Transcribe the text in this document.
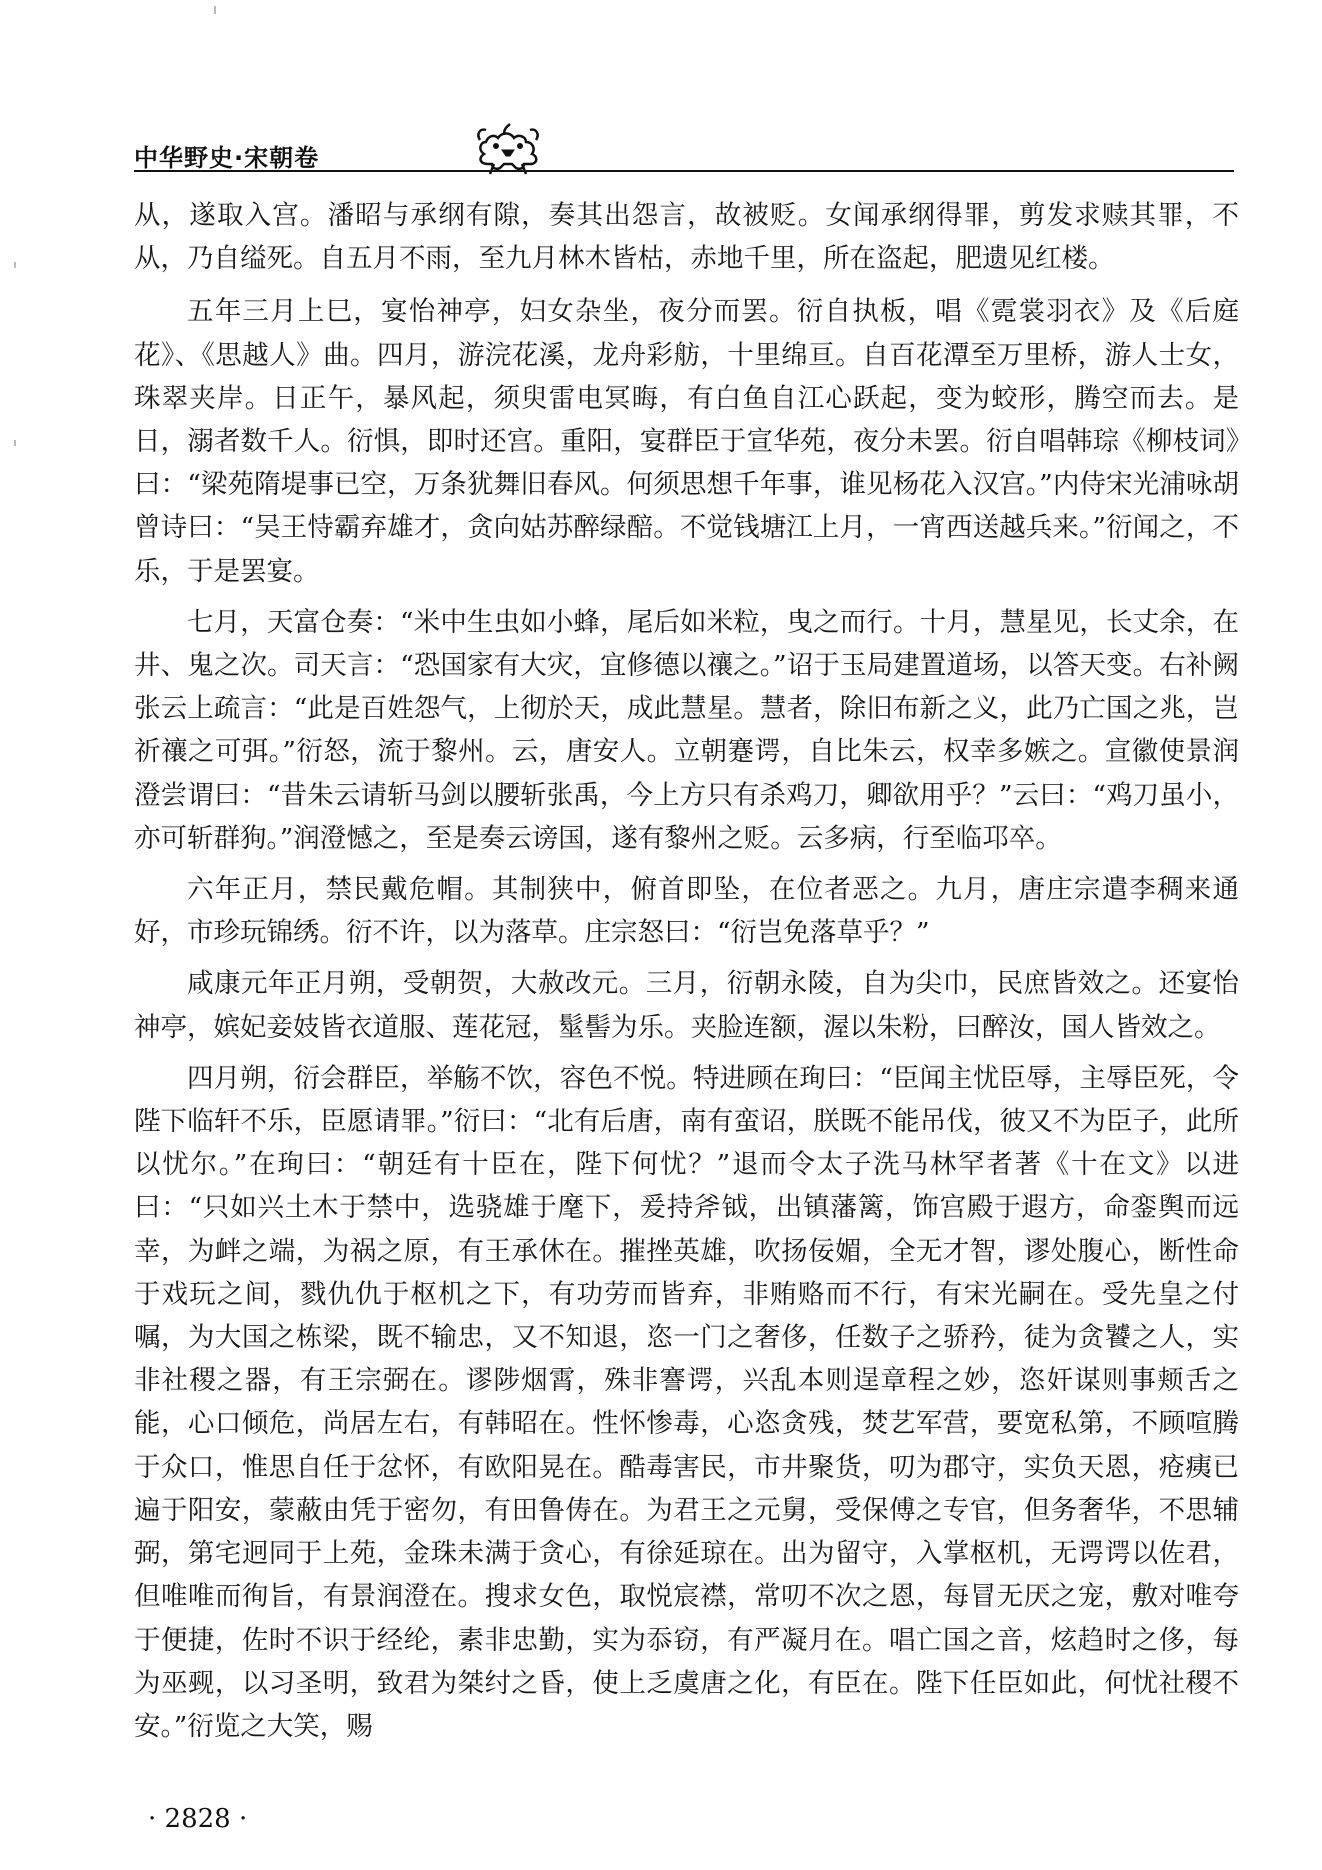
中华野史·宋朝卷

从，遂取入宫。潘昭与承纲有隙，奏其出怨言，故被贬。女闻承纲得罪，剪发求赎其罪，不从，乃自缢死。自五月不雨，至九月林木皆枯，赤地千里，所在盗起，肥遗见红楼。

五年三月上巳，宴怡神亭，妇女杂坐，夜分而罢。衍自执板，唱《霓裳羽衣》及《后庭花》、《思越人》曲。四月，游浣花溪，龙舟彩舫，十里绵亘。自百花潭至万里桥，游人士女，珠翠夹岸。日正午，暴风起，须臾雷电冥晦，有白鱼自江心跃起，变为蛟形，腾空而去。是日，溺者数千人。衍惧，即时还宫。重阳，宴群臣于宣华苑，夜分未罢。衍自唱韩琮《柳枝词》曰：“梁苑隋堤事已空，万条犹舞旧春风。何须思想千年事，谁见杨花入汉宫。”内侍宋光浦咏胡曾诗曰：“吴王恃霸弃雄才，贪向姑苏醉绿醅。不觉钱塘江上月，一宵西送越兵来。”衍闻之，不乐，于是罢宴。

七月，天富仓奏：“米中生虫如小蜂，尾后如米粒，曳之而行。十月，慧星见，长丈余，在井、鬼之次。司天言：“恐国家有大灾，宜修德以禳之。”诏于玉局建置道场，以答天变。右补阙张云上疏言：“此是百姓怨气，上彻於天，成此慧星。慧者，除旧布新之义，此乃亡国之兆，岂祈禳之可弭。”衍怒，流于黎州。云，唐安人。立朝蹇谔，自比朱云，权幸多嫉之。宣徽使景润澄尝谓曰：“昔朱云请斩马剑以腰斩张禹，今上方只有杀鸡刀，卿欲用乎？”云曰：“鸡刀虽小，亦可斩群狗。”润澄憾之，至是奏云谤国，遂有黎州之贬。云多病，行至临邛卒。

六年正月，禁民戴危帽。其制狭中，俯首即坠，在位者恶之。九月，唐庄宗遣李稠来通好，市珍玩锦绣。衍不许，以为落草。庄宗怒曰：“衍岂免落草乎？”

咸康元年正月朔，受朝贺，大赦改元。三月，衍朝永陵，自为尖巾，民庶皆效之。还宴怡神亭，嫔妃妾妓皆衣道服、莲花冠，髽髻为乐。夹脸连额，渥以朱粉，曰醉汝，国人皆效之。

四月朔，衍会群臣，举觞不饮，容色不悦。特进顾在珣曰：“臣闻主忧臣辱，主辱臣死，令陛下临轩不乐，臣愿请罪。”衍曰：“北有后唐，南有蛮诏，朕既不能吊伐，彼又不为臣子，此所以忧尔。”在珣曰：“朝廷有十臣在，陛下何忧？”退而令太子洗马林罕者著《十在文》以进曰：“只如兴土木于禁中，选骁雄于麾下，爰持斧钺，出镇藩篱，饰宫殿于遐方，命銮舆而远幸，为衅之端，为祸之原，有王承休在。摧挫英雄，吹扬佞媚，全无才智，谬处腹心，断性命于戏玩之间，戮仇仇于枢机之下，有功劳而皆弃，非贿赂而不行，有宋光嗣在。受先皇之付嘱，为大国之栋梁，既不输忠，又不知退，恣一门之奢侈，任数子之骄矜，徒为贪饕之人，实非社稷之器，有王宗弼在。谬陟烟霄，殊非謇谔，兴乱本则逞章程之妙，恣奸谋则事颊舌之能，心口倾危，尚居左右，有韩昭在。性怀惨毒，心恣贪残，焚艺军营，要宽私第，不顾喧腾于众口，惟思自任于忿怀，有欧阳晃在。酷毒害民，市井聚货，叨为郡守，实负天恩，疮痍已遍于阳安，蒙蔽由凭于密勿，有田鲁俦在。为君王之元舅，受保傅之专官，但务奢华，不思辅弼，第宅迥同于上苑，金珠未满于贪心，有徐延琼在。出为留守，入掌枢机，无谔谔以佐君，但唯唯而徇旨，有景润澄在。搜求女色，取悦宸襟，常叨不次之恩，每冒无厌之宠，敷对唯夸于便捷，佐时不识于经纶，素非忠勤，实为忝窃，有严凝月在。唱亡国之音，炫趋时之侈，每为巫觋，以习圣明，致君为桀纣之昏，使上乏虞唐之化，有臣在。陛下任臣如此，何忧社稷不安。”衍览之大笑，赐

· 2828 ·
